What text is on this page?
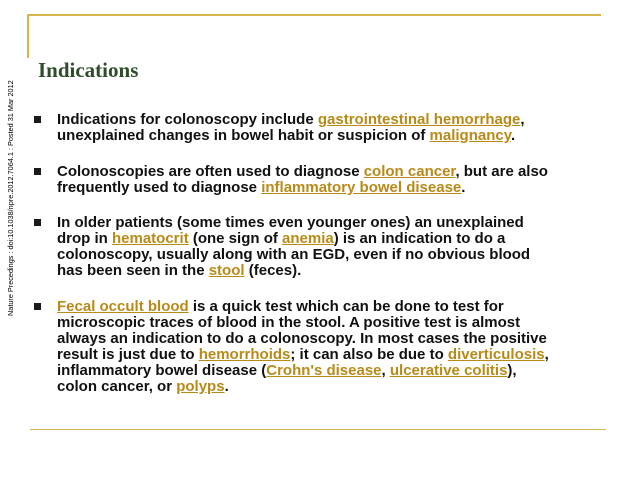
Nature Precedings : doi:10.1038/npre.2012.7064.1 : Posted 31 Mar 2012
Indications
Indications for colonoscopy include gastrointestinal hemorrhage,
unexplained changes in bowel habit or suspicion of malignancy.
Colonoscopies are often used to diagnose colon cancer, but are also
frequently used to diagnose inflammatory bowel disease.
In older patients (some times even younger ones) an unexplained
drop in hematocrit (one sign of anemia) is an indication to do a
colonoscopy, usually along with an EGD, even if no obvious blood
has been seen in the stool (feces).
Fecal occult blood is a quick test which can be done to test for
microscopic traces of blood in the stool. A positive test is almost
always an indication to do a colonoscopy. In most cases the positive
result is just due to hemorrhoids; it can also be due to diverticulosis,
inflammatory bowel disease (Crohn's disease, ulcerative colitis),
colon cancer, or polyps.
